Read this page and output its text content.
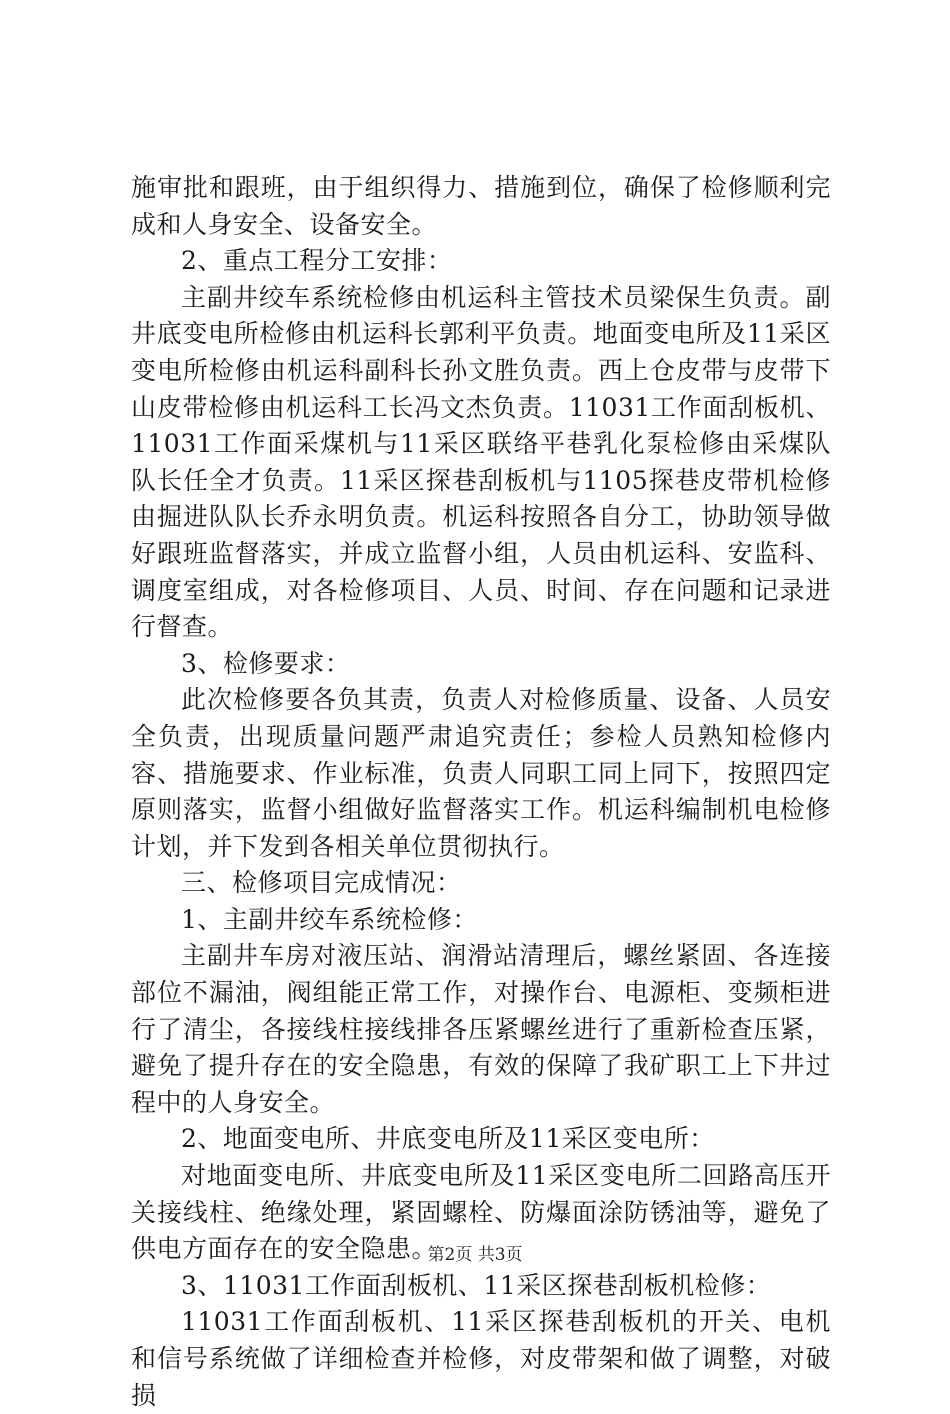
施审批和跟班，由于组织得力、措施到位，确保了检修顺利完成和人身安全、设备安全。

2、重点工程分工安排：

主副井绞车系统检修由机运科主管技术员梁保生负责。副井底变电所检修由机运科长郭利平负责。地面变电所及11采区变电所检修由机运科副科长孙文胜负责。西上仓皮带与皮带下山皮带检修由机运科工长冯文杰负责。11031工作面刮板机、11031工作面采煤机与11采区联络平巷乳化泵检修由采煤队队长任全才负责。11采区探巷刮板机与1105探巷皮带机检修由掘进队队长乔永明负责。机运科按照各自分工，协助领导做好跟班监督落实，并成立监督小组，人员由机运科、安监科、调度室组成，对各检修项目、人员、时间、存在问题和记录进行督查。

3、检修要求：

此次检修要各负其责，负责人对检修质量、设备、人员安全负责，出现质量问题严肃追究责任；参检人员熟知检修内容、措施要求、作业标准，负责人同职工同上同下，按照四定原则落实，监督小组做好监督落实工作。机运科编制机电检修计划，并下发到各相关单位贯彻执行。

三、检修项目完成情况：

1、主副井绞车系统检修：

主副井车房对液压站、润滑站清理后，螺丝紧固、各连接部位不漏油，阀组能正常工作，对操作台、电源柜、变频柜进行了清尘，各接线柱接线排各压紧螺丝进行了重新检查压紧，避免了提升存在的安全隐患，有效的保障了我矿职工上下井过程中的人身安全。

2、地面变电所、井底变电所及11采区变电所：

对地面变电所、井底变电所及11采区变电所二回路高压开关接线柱、绝缘处理，紧固螺栓、防爆面涂防锈油等，避免了供电方面存在的安全隐患。

3、11031工作面刮板机、11采区探巷刮板机检修：

11031工作面刮板机、11采区探巷刮板机的开关、电机和信号系统做了详细检查并检修，对皮带架和做了调整，对破损

第2页 共3页
